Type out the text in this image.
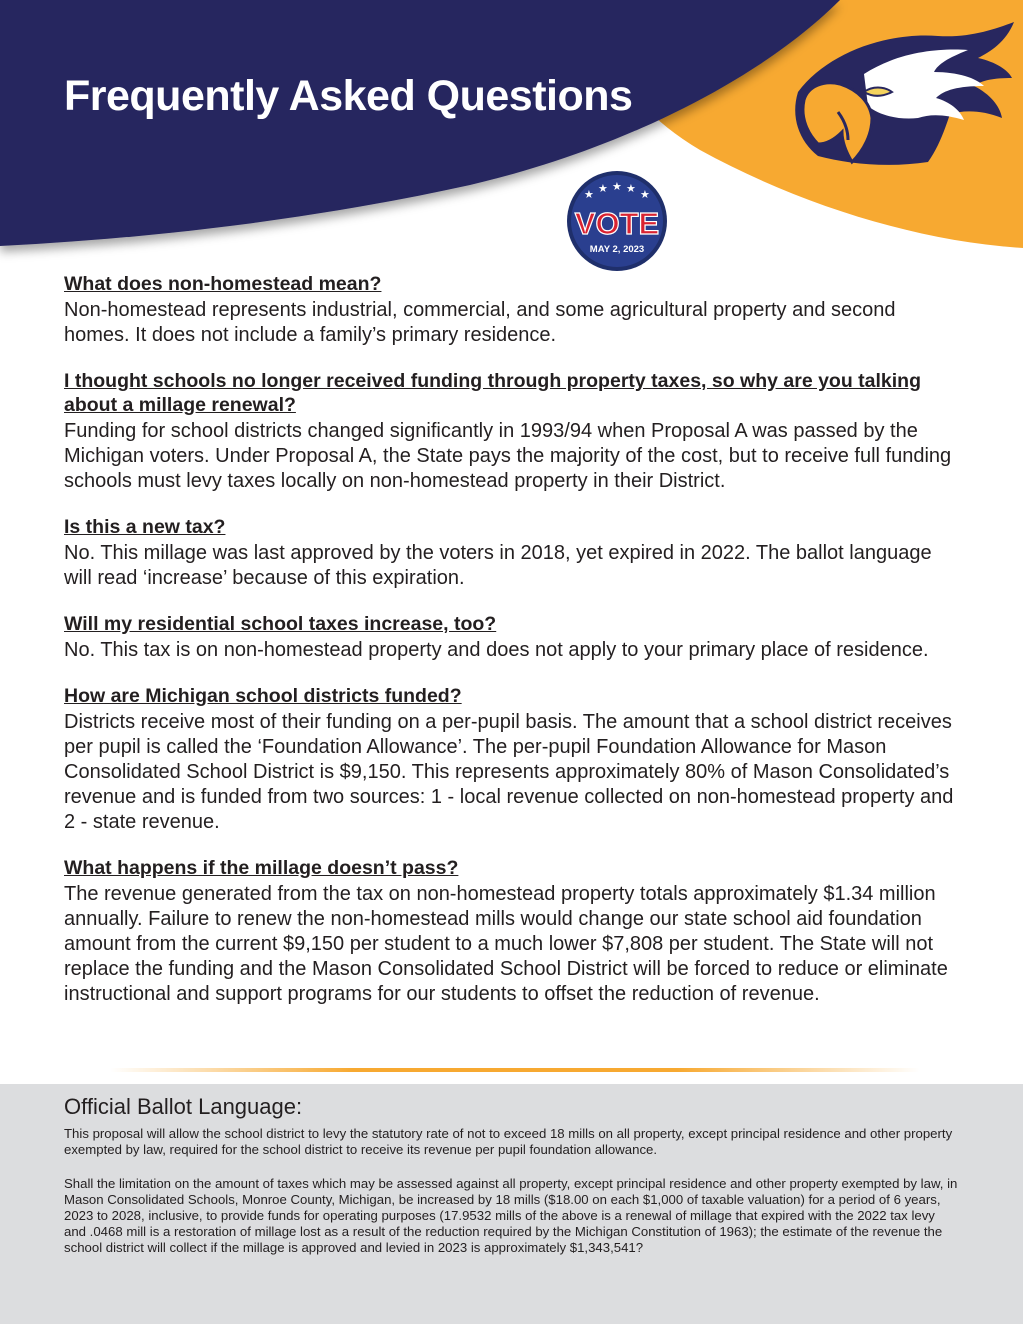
Frequently Asked Questions
★ ★ ★ ★ ★
VOTE
MAY 2, 2023

What does non-homestead mean?

Non-homestead represents industrial, commercial, and some agricultural property and second homes. It does not include a family’s primary residence.

I thought schools no longer received funding through property taxes, so why are you talking about a millage renewal?

Funding for school districts changed significantly in 1993/94 when Proposal A was passed by the Michigan voters. Under Proposal A, the State pays the majority of the cost, but to receive full funding schools must levy taxes locally on non-homestead property in their District.

Is this a new tax?

No. This millage was last approved by the voters in 2018, yet expired in 2022. The ballot language will read ‘increase’ because of this expiration.

Will my residential school taxes increase, too?

No. This tax is on non-homestead property and does not apply to your primary place of residence.

How are Michigan school districts funded?

Districts receive most of their funding on a per-pupil basis. The amount that a school district receives per pupil is called the ‘Foundation Allowance’. The per-pupil Foundation Allowance for Mason Consolidated School District is $9,150. This represents approximately 80% of Mason Consolidated’s revenue and is funded from two sources: 1 - local revenue collected on non-homestead property and 2 - state revenue.

What happens if the millage doesn’t pass?

The revenue generated from the tax on non-homestead property totals approximately $1.34 million annually. Failure to renew the non-homestead mills would change our state school aid foundation amount from the current $9,150 per student to a much lower $7,808 per student. The State will not replace the funding and the Mason Consolidated School District will be forced to reduce or eliminate instructional and support programs for our students to offset the reduction of revenue.

Official Ballot Language:

This proposal will allow the school district to levy the statutory rate of not to exceed 18 mills on all property, except principal residence and other property exempted by law, required for the school district to receive its revenue per pupil foundation allowance.

Shall the limitation on the amount of taxes which may be assessed against all property, except principal residence and other property exempted by law, in Mason Consolidated Schools, Monroe County, Michigan, be increased by 18 mills ($18.00 on each $1,000 of taxable valuation) for a period of 6 years, 2023 to 2028, inclusive, to provide funds for operating purposes (17.9532 mills of the above is a renewal of millage that expired with the 2022 tax levy and .0468 mill is a restoration of millage lost as a result of the reduction required by the Michigan Constitution of 1963); the estimate of the revenue the school district will collect if the millage is approved and levied in 2023 is approximately $1,343,541?
